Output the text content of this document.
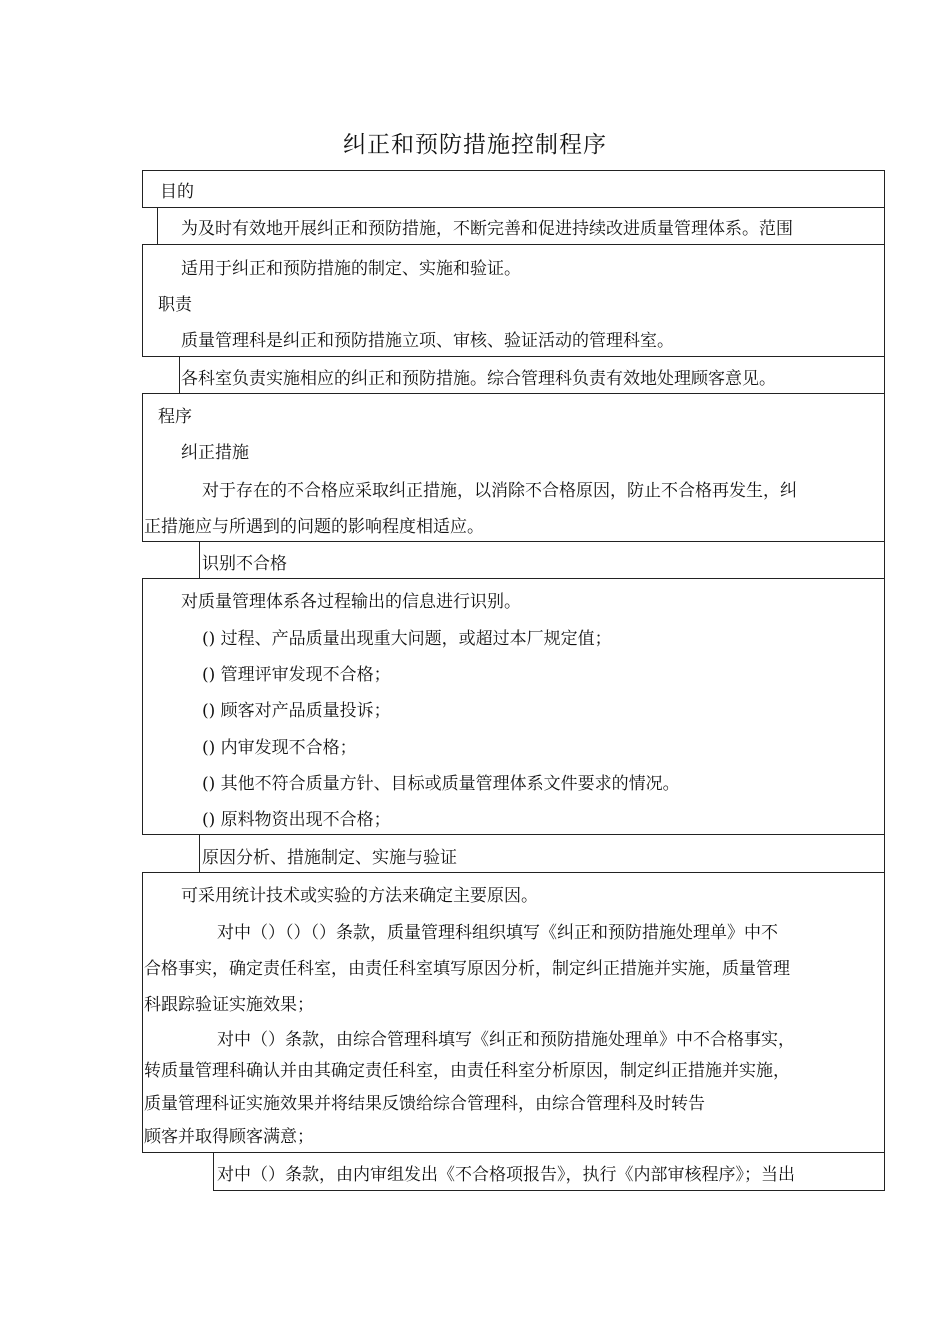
纠正和预防措施控制程序
目的
为及时有效地开展纠正和预防措施，不断完善和促进持续改进质量管理体系。范围
适用于纠正和预防措施的制定、实施和验证。
职责
质量管理科是纠正和预防措施立项、审核、验证活动的管理科室。
各科室负责实施相应的纠正和预防措施。综合管理科负责有效地处理顾客意见。
程序
纠正措施
对于存在的不合格应采取纠正措施，以消除不合格原因，防止不合格再发生，纠
正措施应与所遇到的问题的影响程度相适应。
识别不合格
对质量管理体系各过程输出的信息进行识别。
() 过程、产品质量出现重大问题，或超过本厂规定值；
() 管理评审发现不合格；
() 顾客对产品质量投诉；
() 内审发现不合格；
() 其他不符合质量方针、目标或质量管理体系文件要求的情况。
() 原料物资出现不合格；
原因分析、措施制定、实施与验证
可采用统计技术或实验的方法来确定主要原因。
对中（）（）（）条款，质量管理科组织填写《纠正和预防措施处理单》中不
合格事实，确定责任科室，由责任科室填写原因分析，制定纠正措施并实施，质量管理
科跟踪验证实施效果；
对中（）条款，由综合管理科填写《纠正和预防措施处理单》中不合格事实，
转质量管理科确认并由其确定责任科室，由责任科室分析原因，制定纠正措施并实施，
质量管理科证实施效果并将结果反馈给综合管理科，由综合管理科及时转告
顾客并取得顾客满意；
对中（）条款，由内审组发出《不合格项报告》，执行《内部审核程序》；当出
